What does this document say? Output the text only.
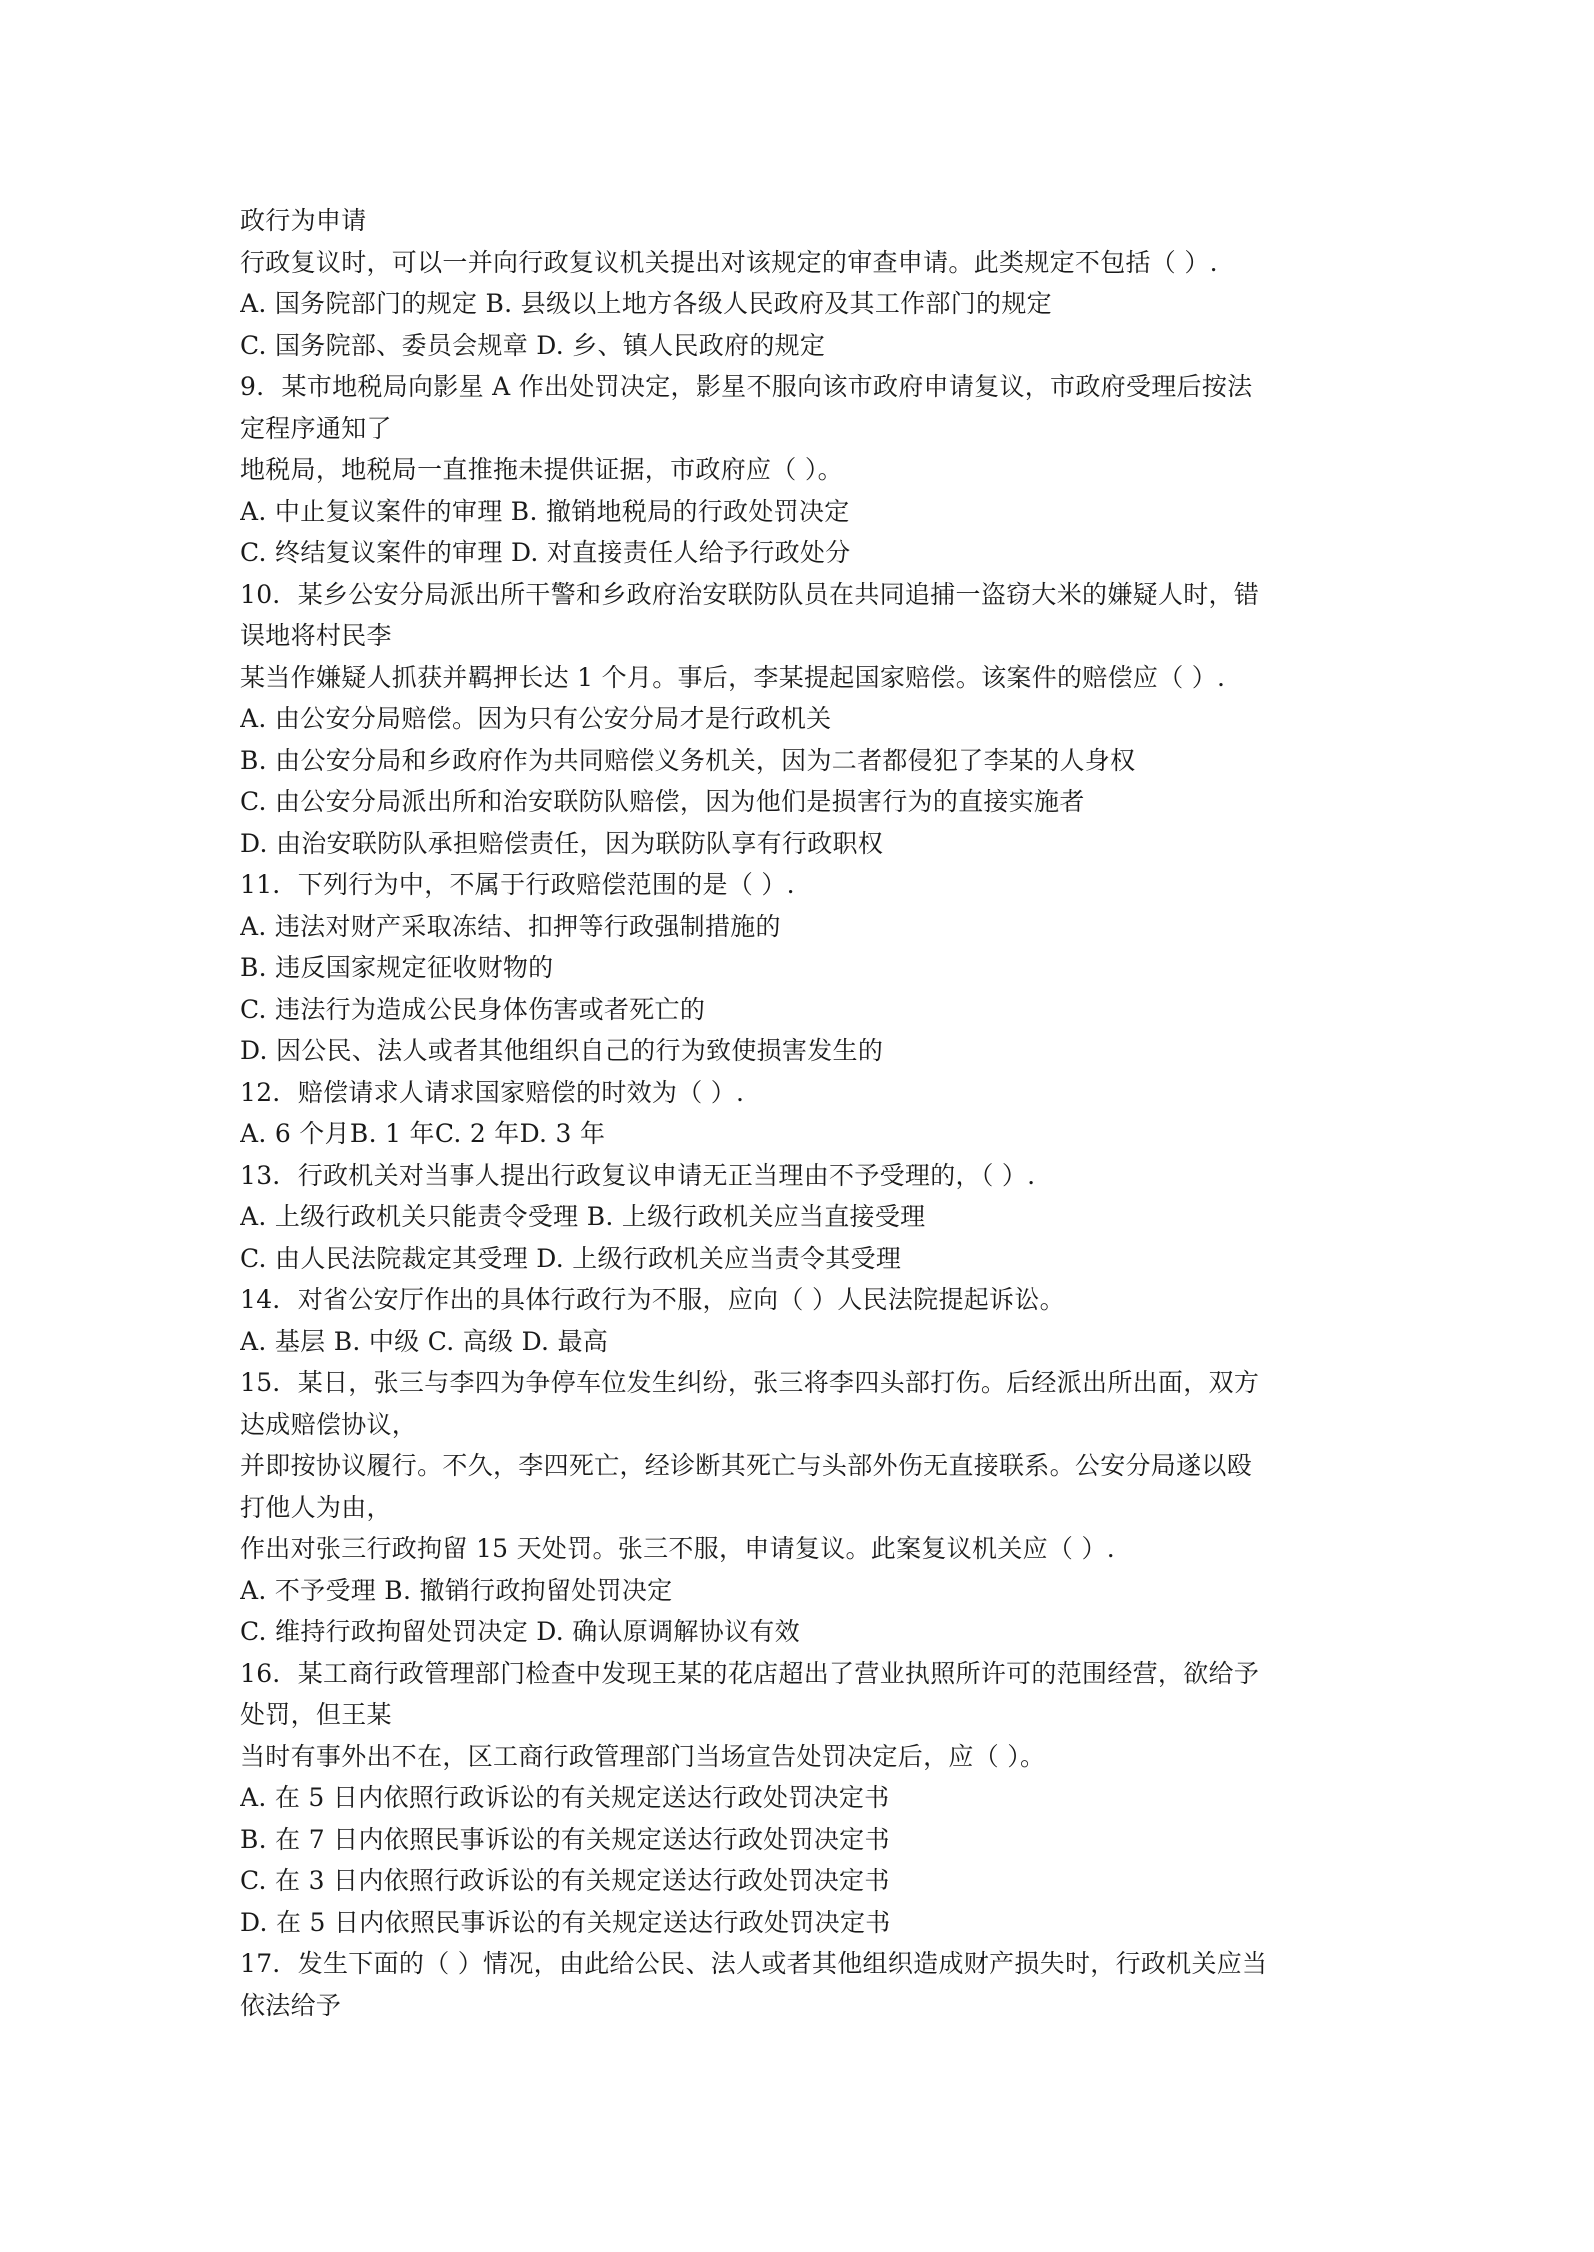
政行为申请
行政复议时，可以一并向行政复议机关提出对该规定的审查申请。此类规定不包括（ ）.
A. 国务院部门的规定 B. 县级以上地方各级人民政府及其工作部门的规定
C. 国务院部、委员会规章 D. 乡、镇人民政府的规定
9．某市地税局向影星 A 作出处罚决定，影星不服向该市政府申请复议，市政府受理后按法
定程序通知了
地税局，地税局一直推拖未提供证据，市政府应（ ）。
A. 中止复议案件的审理 B. 撤销地税局的行政处罚决定
C. 终结复议案件的审理 D. 对直接责任人给予行政处分
10．某乡公安分局派出所干警和乡政府治安联防队员在共同追捕一盗窃大米的嫌疑人时，错
误地将村民李
某当作嫌疑人抓获并羁押长达 1 个月。事后，李某提起国家赔偿。该案件的赔偿应（ ）.
A. 由公安分局赔偿。因为只有公安分局才是行政机关
B. 由公安分局和乡政府作为共同赔偿义务机关，因为二者都侵犯了李某的人身权
C. 由公安分局派出所和治安联防队赔偿，因为他们是损害行为的直接实施者
D. 由治安联防队承担赔偿责任，因为联防队享有行政职权
11．下列行为中，不属于行政赔偿范围的是（ ）.
A. 违法对财产采取冻结、扣押等行政强制措施的
B. 违反国家规定征收财物的
C. 违法行为造成公民身体伤害或者死亡的
D. 因公民、法人或者其他组织自己的行为致使损害发生的
12．赔偿请求人请求国家赔偿的时效为（ ）.
A. 6 个月B. 1 年C. 2 年D. 3 年
13．行政机关对当事人提出行政复议申请无正当理由不予受理的，（ ）.
A. 上级行政机关只能责令受理 B. 上级行政机关应当直接受理
C. 由人民法院裁定其受理 D. 上级行政机关应当责令其受理
14．对省公安厅作出的具体行政行为不服，应向（ ）人民法院提起诉讼。
A. 基层 B. 中级 C. 高级 D. 最高
15．某日，张三与李四为争停车位发生纠纷，张三将李四头部打伤。后经派出所出面，双方
达成赔偿协议，
并即按协议履行。不久，李四死亡，经诊断其死亡与头部外伤无直接联系。公安分局遂以殴
打他人为由，
作出对张三行政拘留 15 天处罚。张三不服，申请复议。此案复议机关应（ ）.
A. 不予受理 B. 撤销行政拘留处罚决定
C. 维持行政拘留处罚决定 D. 确认原调解协议有效
16．某工商行政管理部门检查中发现王某的花店超出了营业执照所许可的范围经营，欲给予
处罚，但王某
当时有事外出不在，区工商行政管理部门当场宣告处罚决定后，应（ ）。
A. 在 5 日内依照行政诉讼的有关规定送达行政处罚决定书
B. 在 7 日内依照民事诉讼的有关规定送达行政处罚决定书
C. 在 3 日内依照行政诉讼的有关规定送达行政处罚决定书
D. 在 5 日内依照民事诉讼的有关规定送达行政处罚决定书
17．发生下面的（ ）情况，由此给公民、法人或者其他组织造成财产损失时，行政机关应当
依法给予
